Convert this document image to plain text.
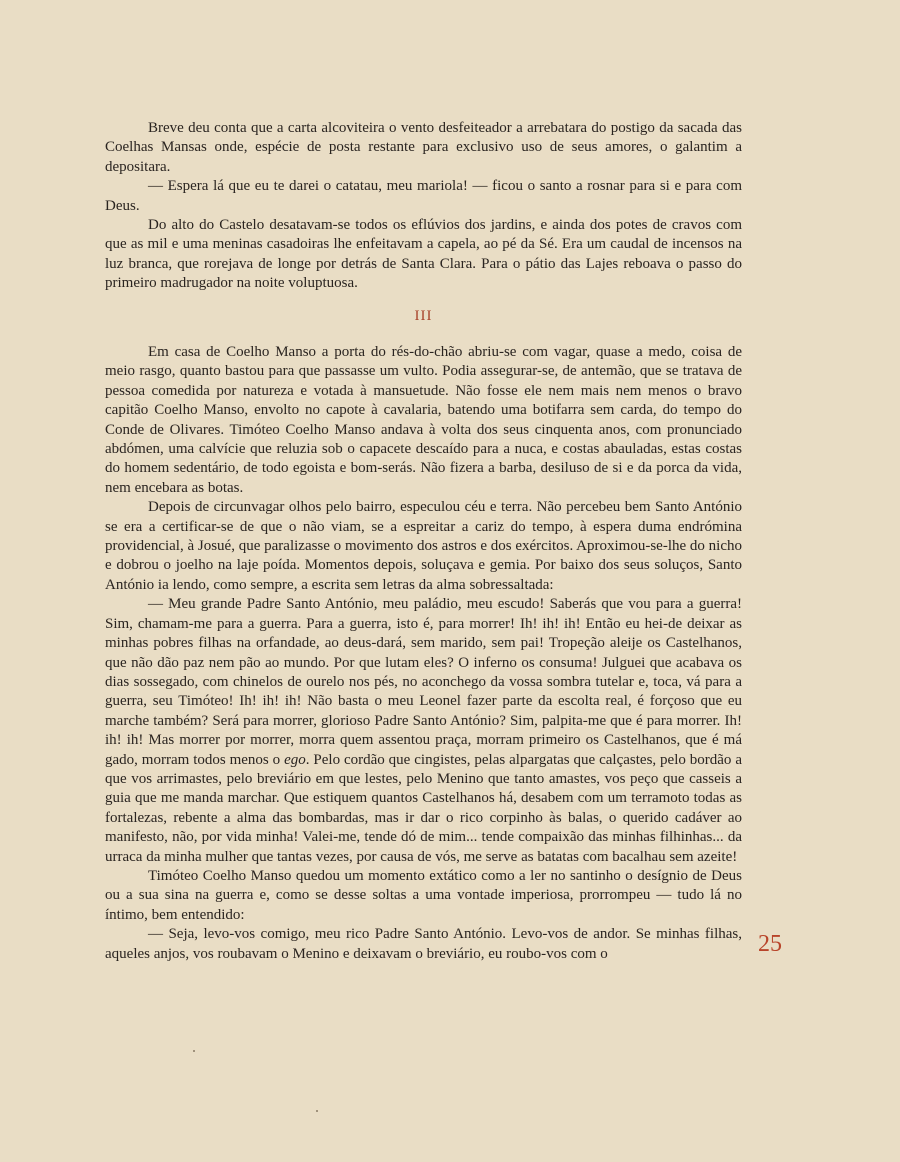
Breve deu conta que a carta alcoviteira o vento desfeiteador a arrebatara do postigo da sacada das Coelhas Mansas onde, espécie de posta restante para exclusivo uso de seus amores, o galantim a depositara.

— Espera lá que eu te darei o catatau, meu mariola! — ficou o santo a rosnar para si e para com Deus.

Do alto do Castelo desatavam-se todos os eflúvios dos jardins, e ainda dos potes de cravos com que as mil e uma meninas casadoiras lhe enfeitavam a capela, ao pé da Sé. Era um caudal de incensos na luz branca, que rorejava de longe por detrás de Santa Clara. Para o pátio das Lajes reboava o passo do primeiro madrugador na noite voluptuosa.

III

Em casa de Coelho Manso a porta do rés-do-chão abriu-se com vagar, quase a medo, coisa de meio rasgo, quanto bastou para que passasse um vulto. Podia assegurar-se, de antemão, que se tratava de pessoa comedida por natureza e votada à mansuetude. Não fosse ele nem mais nem menos o bravo capitão Coelho Manso, envolto no capote à cavalaria, batendo uma botifarra sem carda, do tempo do Conde de Olivares. Timóteo Coelho Manso andava à volta dos seus cinquenta anos, com pronunciado abdómen, uma calvície que reluzia sob o capacete descaído para a nuca, e costas abauladas, estas costas do homem sedentário, de todo egoista e bom-serás. Não fizera a barba, desiluso de si e da porca da vida, nem encebara as botas.

Depois de circunvagar olhos pelo bairro, especulou céu e terra. Não percebeu bem Santo António se era a certificar-se de que o não viam, se a espreitar a cariz do tempo, à espera duma endrómina providencial, à Josué, que paralizasse o movimento dos astros e dos exércitos. Aproximou-se-lhe do nicho e dobrou o joelho na laje poída. Momentos depois, soluçava e gemia. Por baixo dos seus soluços, Santo António ia lendo, como sempre, a escrita sem letras da alma sobressaltada:

— Meu grande Padre Santo António, meu paládio, meu escudo! Saberás que vou para a guerra! Sim, chamam-me para a guerra. Para a guerra, isto é, para morrer! Ih! ih! ih! Então eu hei-de deixar as minhas pobres filhas na orfandade, ao deus-dará, sem marido, sem pai! Tropeção aleije os Castelhanos, que não dão paz nem pão ao mundo. Por que lutam eles? O inferno os consuma! Julguei que acabava os dias sossegado, com chinelos de ourelo nos pés, no aconchego da vossa sombra tutelar e, toca, vá para a guerra, seu Timóteo! Ih! ih! ih! Não basta o meu Leonel fazer parte da escolta real, é forçoso que eu marche também? Será para morrer, glorioso Padre Santo António? Sim, palpita-me que é para morrer. Ih! ih! ih! Mas morrer por morrer, morra quem assentou praça, morram primeiro os Castelhanos, que é má gado, morram todos menos o ego. Pelo cordão que cingistes, pelas alpargatas que calçastes, pelo bordão a que vos arrimastes, pelo breviário em que lestes, pelo Menino que tanto amastes, vos peço que casseis a guia que me manda marchar. Que estiquem quantos Castelhanos há, desabem com um terramoto todas as fortalezas, rebente a alma das bombardas, mas ir dar o rico corpinho às balas, o querido cadáver ao manifesto, não, por vida minha! Valei-me, tende dó de mim... tende compaixão das minhas filhinhas... da urraca da minha mulher que tantas vezes, por causa de vós, me serve as batatas com bacalhau sem azeite!

Timóteo Coelho Manso quedou um momento extático como a ler no santinho o desígnio de Deus ou a sua sina na guerra e, como se desse soltas a uma vontade imperiosa, prorrompeu — tudo lá no íntimo, bem entendido:

— Seja, levo-vos comigo, meu rico Padre Santo António. Levo-vos de andor. Se minhas filhas, aqueles anjos, vos roubavam o Menino e deixavam o breviário, eu roubo-vos com o	25
